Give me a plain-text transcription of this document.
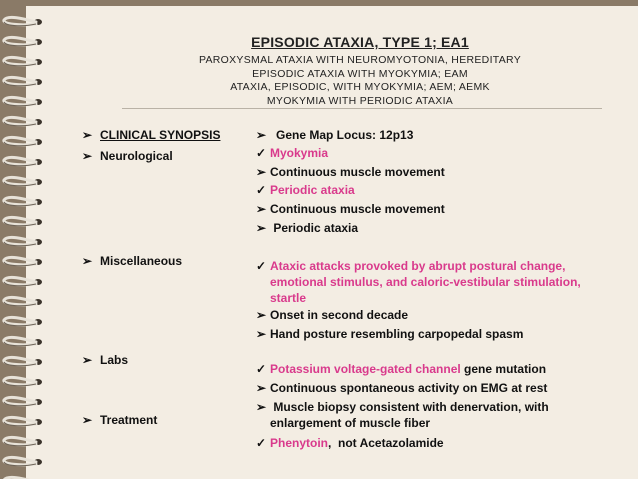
EPISODIC ATAXIA, TYPE 1; EA1
PAROXYSMAL ATAXIA WITH NEUROMYOTONIA, HEREDITARY
EPISODIC ATAXIA WITH MYOKYMIA; EAM
ATAXIA, EPISODIC, WITH MYOKYMIA; AEM; AEMK
MYOKYMIA WITH PERIODIC ATAXIA
➢ CLINICAL SYNOPSIS
➢ Neurological
➢ Miscellaneous
➢ Labs
➢ Treatment
➢ Gene Map Locus: 12p13
✓ Myokymia
➢ Continuous muscle movement
✓ Periodic ataxia
➢ Continuous muscle movement
➢ Periodic ataxia
✓ Ataxic attacks provoked by abrupt postural change, emotional stimulus, and caloric-vestibular stimulation, startle
➢ Onset in second decade
➢ Hand posture resembling carpopedal spasm
✓ Potassium voltage-gated channel gene mutation
➢ Continuous spontaneous activity on EMG at rest
➢ Muscle biopsy consistent with denervation, with enlargement of muscle fiber
✓ Phenytoin,  not Acetazolamide
